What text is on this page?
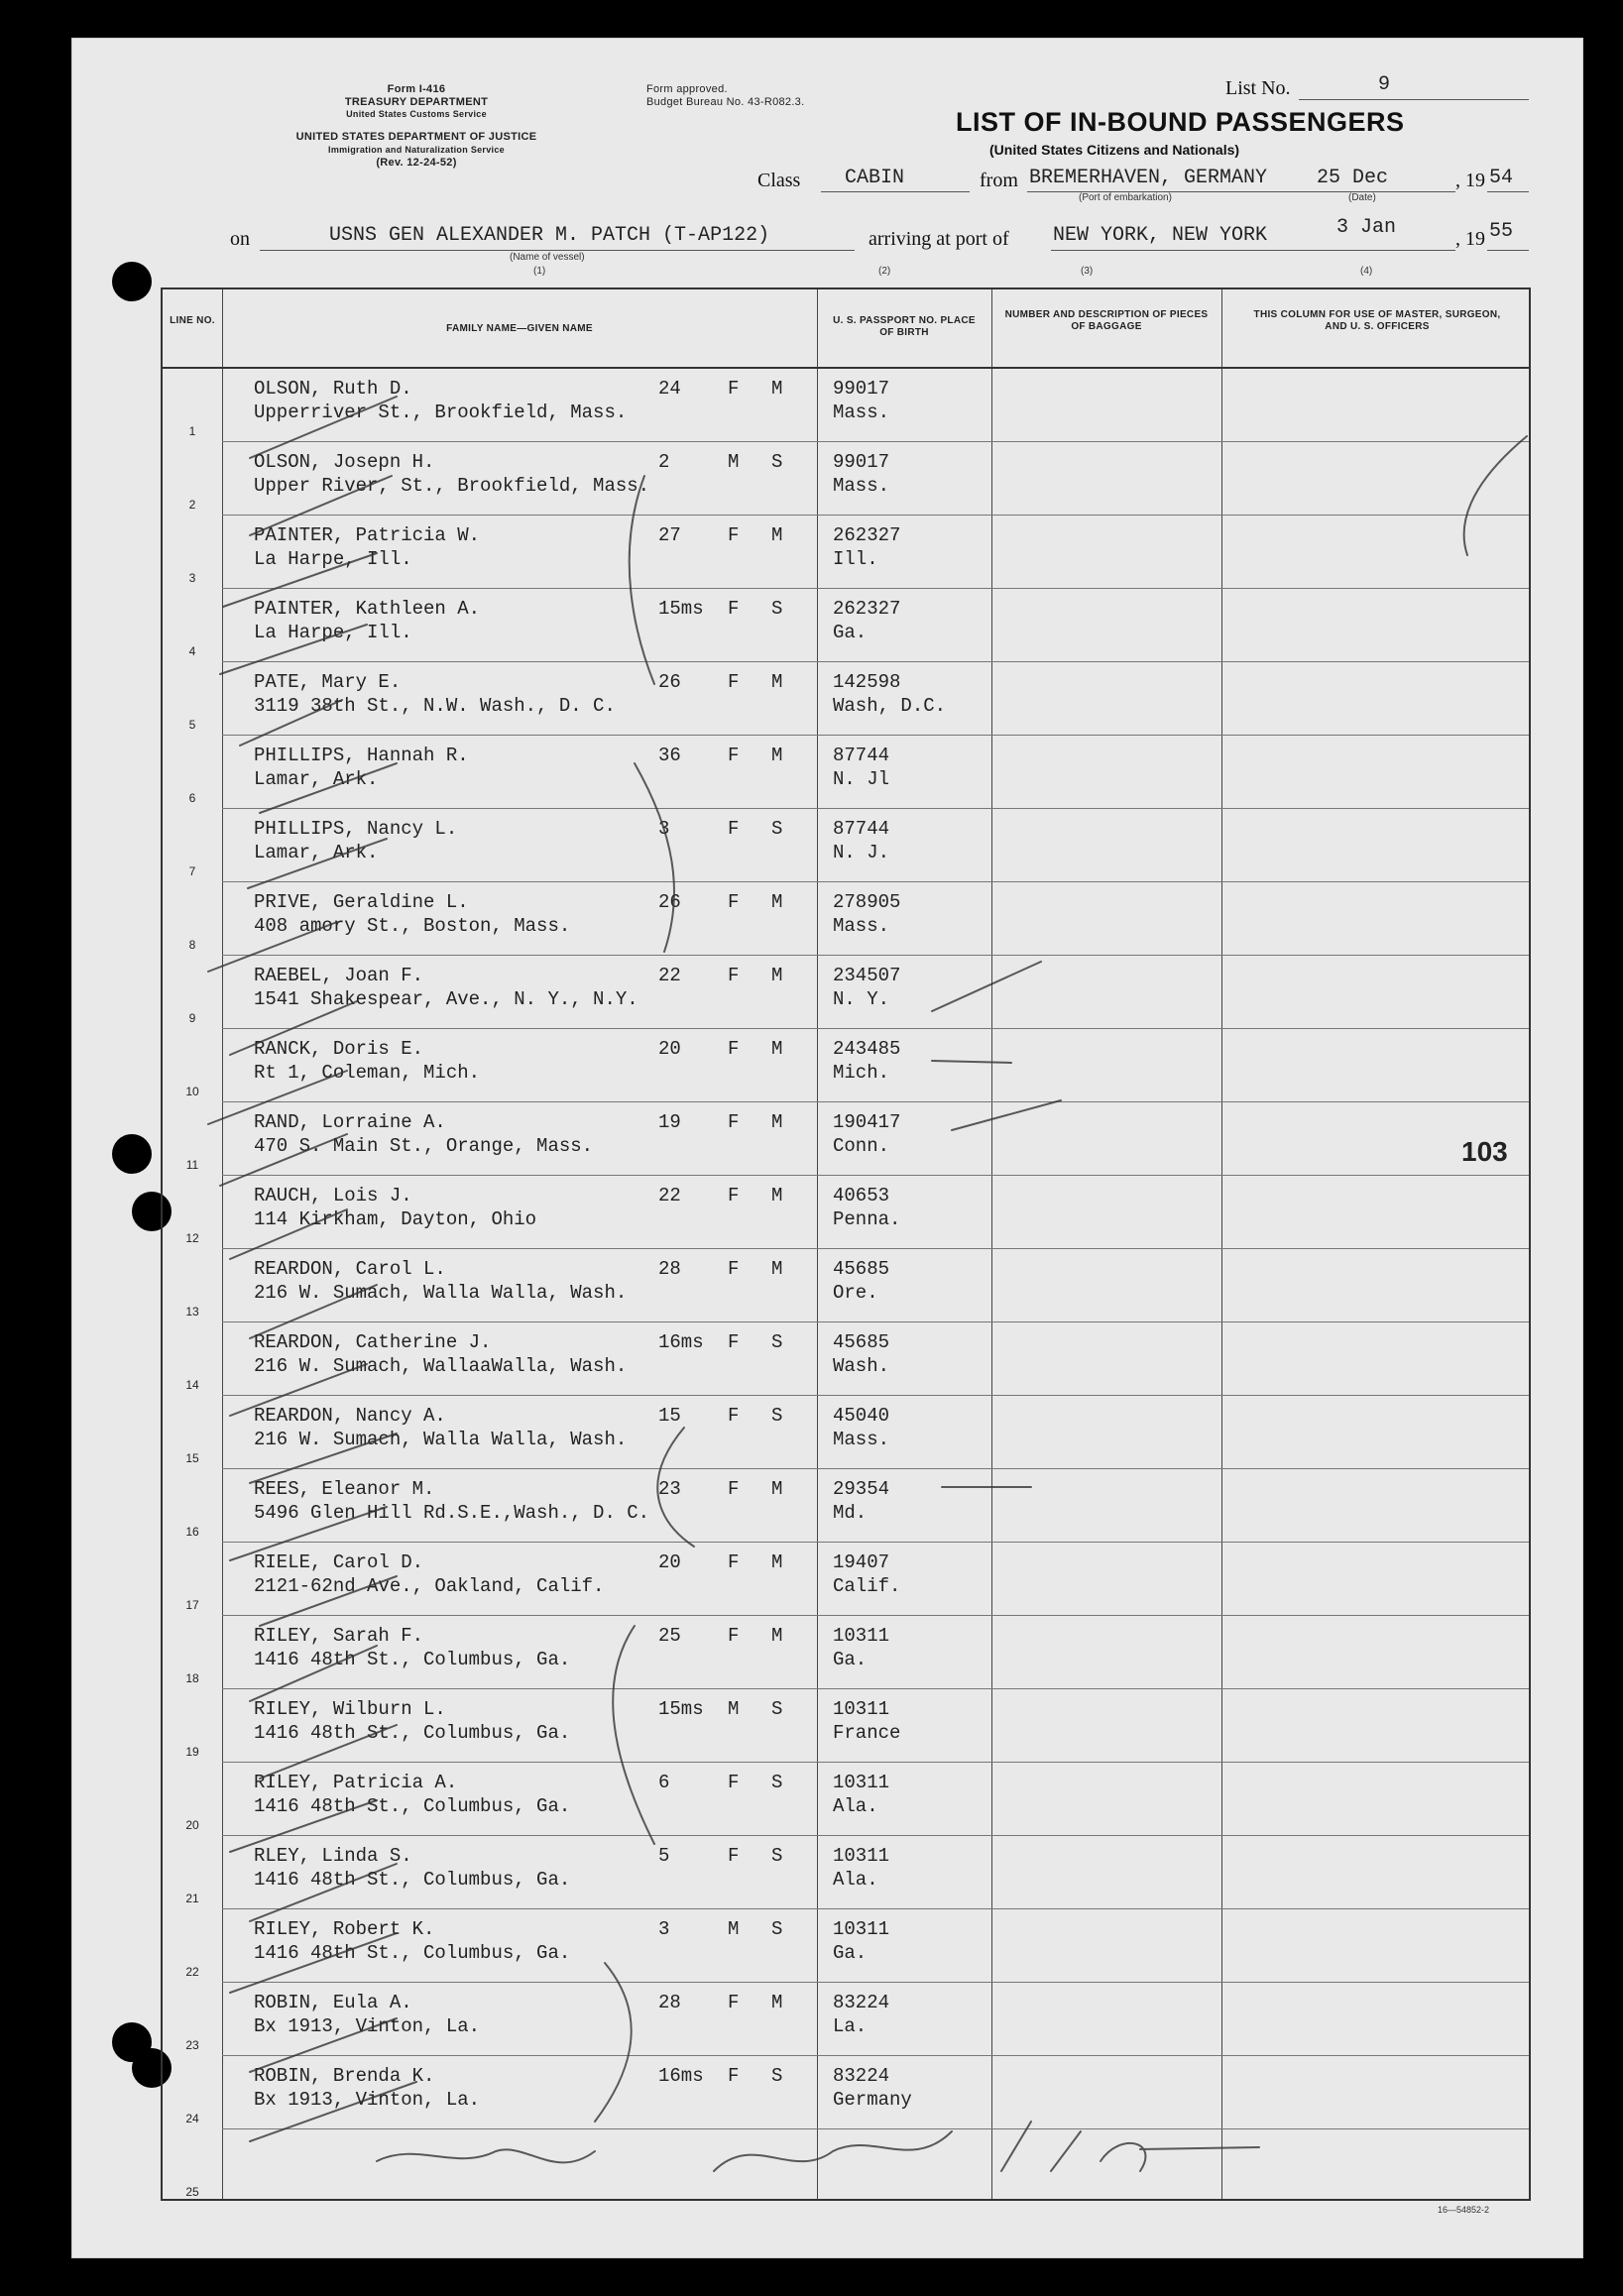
Form I-416
TREASURY DEPARTMENT
United States Customs Service
UNITED STATES DEPARTMENT OF JUSTICE
Immigration and Naturalization Service
(Rev. 12-24-52)
Form approved.
Budget Bureau No. 43-R082.3.
List No.	9
LIST OF IN-BOUND PASSENGERS
(United States Citizens and Nationals)
Class CABIN	from BREMERHAVEN, GERMANY 25 Dec	, 19 54
(Port of embarkation)	(Date)
on	USNS GEN ALEXANDER M. PATCH (T-AP122)	arriving at port of NEW YORK, NEW YORK	3 Jan	, 19 55
(Name of vessel)
(1)	(2)	(3)	(4)
LINE NO.
FAMILY NAME—GIVEN NAME
U. S. PASSPORT NO. PLACE OF BIRTH
NUMBER AND DESCRIPTION OF PIECES OF BAGGAGE
THIS COLUMN FOR USE OF MASTER, SURGEON, AND U. S. OFFICERS
1
OLSON, Ruth D.
Upperriver St., Brookfield, Mass.
24 F M	99017
Mass.
2
OLSON, Josepn H.
Upper River, St., Brookfield, Mass.
2	M S	99017
Mass.
3
PAINTER, Patricia W.
La Harpe, Ill.
27 F M	262327
Ill.
4
PAINTER, Kathleen A.
La Harpe, Ill.
15ms F S	262327
Ga.
5
PATE, Mary E.
3119 38th St., N.W. Wash., D. C.
26 F M	142598
Wash, D.C.
6
PHILLIPS, Hannah R.
Lamar, Ark.
36 F M	87744
N. Jl
7
PHILLIPS, Nancy L.
Lamar, Ark.
3	F S	87744
N. J.
8
PRIVE, Geraldine L.
408 amory St., Boston, Mass.
26 F M	278905
Mass.
9
RAEBEL, Joan F.
1541 Shakespear, Ave., N. Y., N.Y.
22 F M	234507
N. Y.
10
RANCK, Doris E.
Rt 1, Coleman, Mich.
20 F M	243485
Mich.
11
RAND, Lorraine A.
470 S. Main St., Orange, Mass.
19 F M	190417
Conn.
12
RAUCH, Lois J.
114 Kirkham, Dayton, Ohio
22 F M	40653
Penna.
13
REARDON, Carol L.
216 W. Sumach, Walla Walla, Wash.
28 F M	45685
Ore.
14
REARDON, Catherine J.
216 W. Sumach, WallaaWalla, Wash.
16ms F S	45685
Wash.
15
REARDON, Nancy A.
216 W. Sumach, Walla Walla, Wash.
15 F S	45040
Mass.
16
REES, Eleanor M.
5496 Glen Hill Rd.S.E.,Wash., D. C.
23 F M	29354
Md.
17
RIELE, Carol D.
2121-62nd Ave., Oakland, Calif.
20 F M	19407
Calif.
18
RILEY, Sarah F.
1416 48th St., Columbus, Ga.
25 F M	10311
Ga.
19
RILEY, Wilburn L.
1416 48th St., Columbus, Ga.
15ms M S	10311
France
20
RILEY, Patricia A.
1416 48th St., Columbus, Ga.
6	F S	10311
Ala.
21
RLEY, Linda S.
1416 48th St., Columbus, Ga.
5	F S	10311
Ala.
22
RILEY, Robert K.
1416 48th St., Columbus, Ga.
3	M S	10311
Ga.
23
ROBIN, Eula A.
Bx 1913, Vinton, La.
28 F M	83224
La.
24
ROBIN, Brenda K.
Bx 1913, Vinton, La.
16ms F S	83224
Germany
25
103
16—54852-2
